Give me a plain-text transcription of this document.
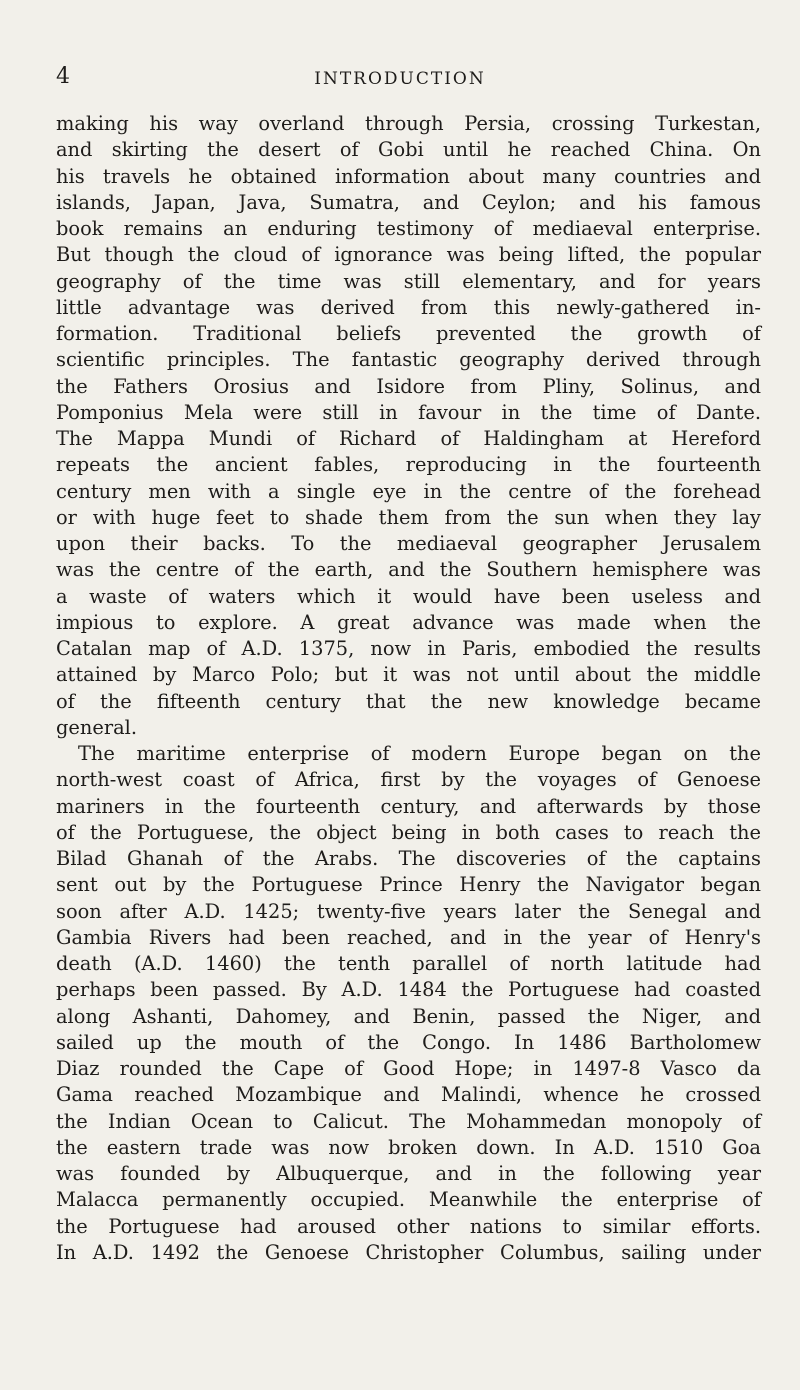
4	INTRODUCTION
making his way overland through Persia, crossing Turkestan,
and skirting the desert of Gobi until he reached China. On
his travels he obtained information about many countries and
islands, Japan, Java, Sumatra, and Ceylon; and his famous
book remains an enduring testimony of mediaeval enterprise.
But though the cloud of ignorance was being lifted, the popular
geography of the time was still elementary, and for years
little advantage was derived from this newly-gathered in-
formation. Traditional beliefs prevented the growth of
scientific principles. The fantastic geography derived through
the Fathers Orosius and Isidore from Pliny, Solinus, and
Pomponius Mela were still in favour in the time of Dante.
The Mappa Mundi of Richard of Haldingham at Hereford
repeats the ancient fables, reproducing in the fourteenth
century men with a single eye in the centre of the forehead
or with huge feet to shade them from the sun when they lay
upon their backs. To the mediaeval geographer Jerusalem
was the centre of the earth, and the Southern hemisphere was
a waste of waters which it would have been useless and
impious to explore. A great advance was made when the
Catalan map of A.D. 1375, now in Paris, embodied the results
attained by Marco Polo; but it was not until about the middle
of the fifteenth century that the new knowledge became
general.
The maritime enterprise of modern Europe began on the
north-west coast of Africa, first by the voyages of Genoese
mariners in the fourteenth century, and afterwards by those
of the Portuguese, the object being in both cases to reach the
Bilad Ghanah of the Arabs. The discoveries of the captains
sent out by the Portuguese Prince Henry the Navigator began
soon after A.D. 1425; twenty-five years later the Senegal and
Gambia Rivers had been reached, and in the year of Henry's
death (A.D. 1460) the tenth parallel of north latitude had
perhaps been passed. By A.D. 1484 the Portuguese had coasted
along Ashanti, Dahomey, and Benin, passed the Niger, and
sailed up the mouth of the Congo. In 1486 Bartholomew
Diaz rounded the Cape of Good Hope; in 1497-8 Vasco da
Gama reached Mozambique and Malindi, whence he crossed
the Indian Ocean to Calicut. The Mohammedan monopoly of
the eastern trade was now broken down. In A.D. 1510 Goa
was founded by Albuquerque, and in the following year
Malacca permanently occupied. Meanwhile the enterprise of
the Portuguese had aroused other nations to similar efforts.
In A.D. 1492 the Genoese Christopher Columbus, sailing under
